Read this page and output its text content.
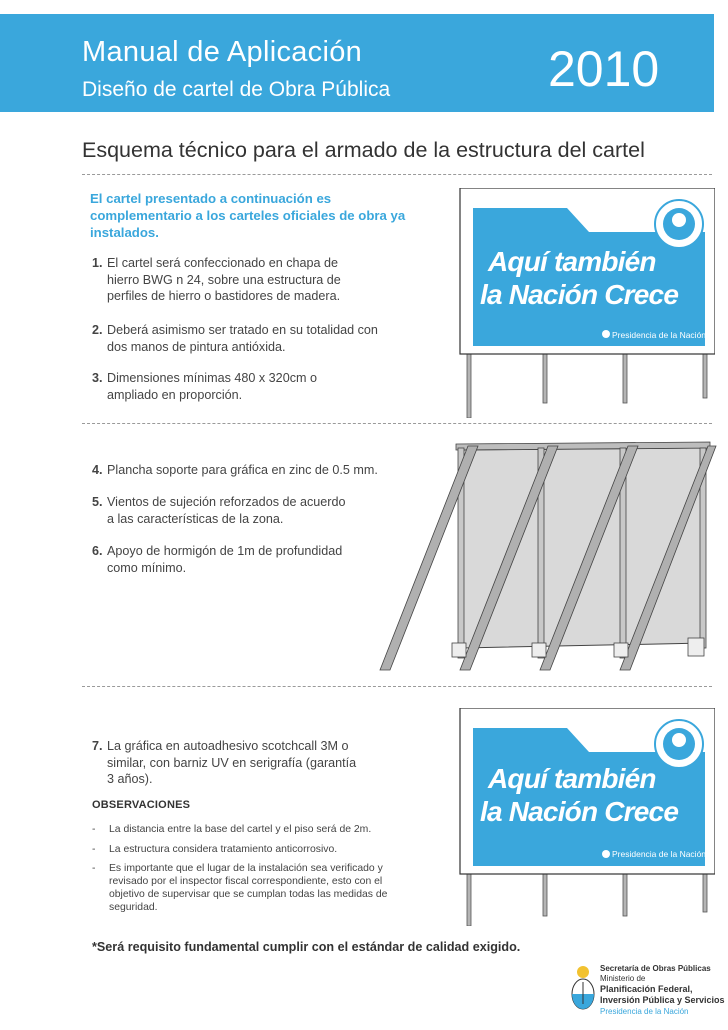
Manual de Aplicación
Diseño de cartel de Obra Pública	2010
Esquema técnico para el armado de la estructura del cartel
El cartel presentado a continuación es complementario a los carteles oficiales de obra ya instalados.
1. El cartel será confeccionado en chapa de hierro BWG n 24, sobre una estructura de perfiles de hierro o bastidores de madera.
2. Deberá asimismo ser tratado en su totalidad con dos manos de pintura antióxida.
3. Dimensiones mínimas 480 x 320cm o ampliado en proporción.
Aquí también
la Nación Crece
Presidencia de la Nación
4. Plancha soporte para gráfica en zinc de 0.5 mm.
5. Vientos de sujeción reforzados de acuerdo a las características de la zona.
6. Apoyo de hormigón de 1m de profundidad como mínimo.
7. La gráfica en autoadhesivo scotchcall 3M o similar, con barniz UV en serigrafía (garantía 3 años).
OBSERVACIONES
-	La distancia entre la base del cartel y el piso será de 2m.
-	La estructura considera tratamiento anticorrosivo.
-	Es importante que el lugar de la instalación sea verificado y revisado por el inspector fiscal correspondiente, esto con el objetivo de supervisar que se cumplan todas las medidas de seguridad.
Aquí también
la Nación Crece
Presidencia de la Nación
*Será requisito fundamental cumplir con el estándar de calidad exigido.
Secretaría de Obras Públicas
Ministerio de
Planificación Federal,
Inversión Pública y Servicios
Presidencia de la Nación
